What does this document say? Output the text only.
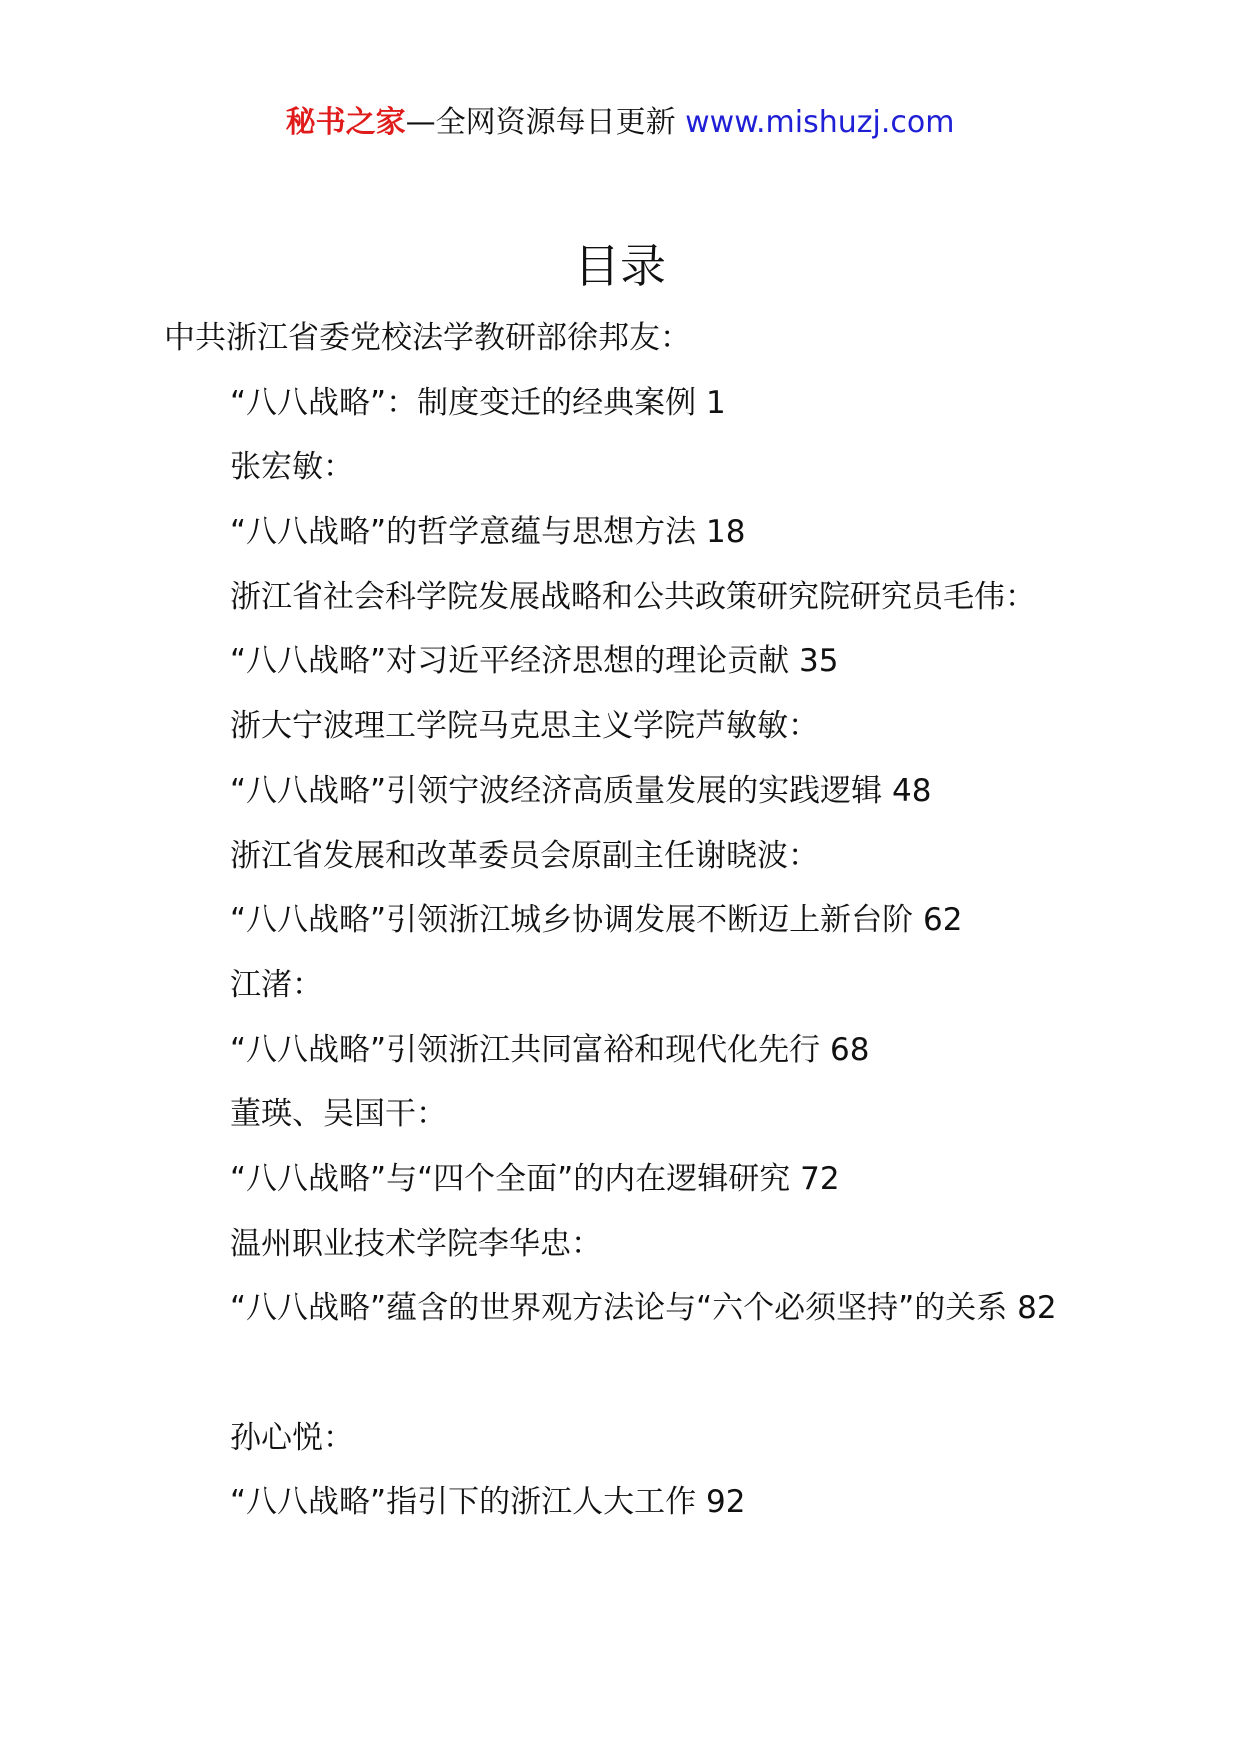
秘书之家—全网资源每日更新 www.mishuzj.com
目录
中共浙江省委党校法学教研部徐邦友：
“八八战略”：制度变迁的经典案例 1
张宏敏：
“八八战略”的哲学意蕴与思想方法 18
浙江省社会科学院发展战略和公共政策研究院研究员毛伟：
“八八战略”对习近平经济思想的理论贡献 35
浙大宁波理工学院马克思主义学院芦敏敏：
“八八战略”引领宁波经济高质量发展的实践逻辑 48
浙江省发展和改革委员会原副主任谢晓波：
“八八战略”引领浙江城乡协调发展不断迈上新台阶 62
江渚：
“八八战略”引领浙江共同富裕和现代化先行 68
董瑛、吴国干：
“八八战略”与“四个全面”的内在逻辑研究 72
温州职业技术学院李华忠：
“八八战略”蕴含的世界观方法论与“六个必须坚持”的关系 82
孙心悦：
“八八战略”指引下的浙江人大工作 92
